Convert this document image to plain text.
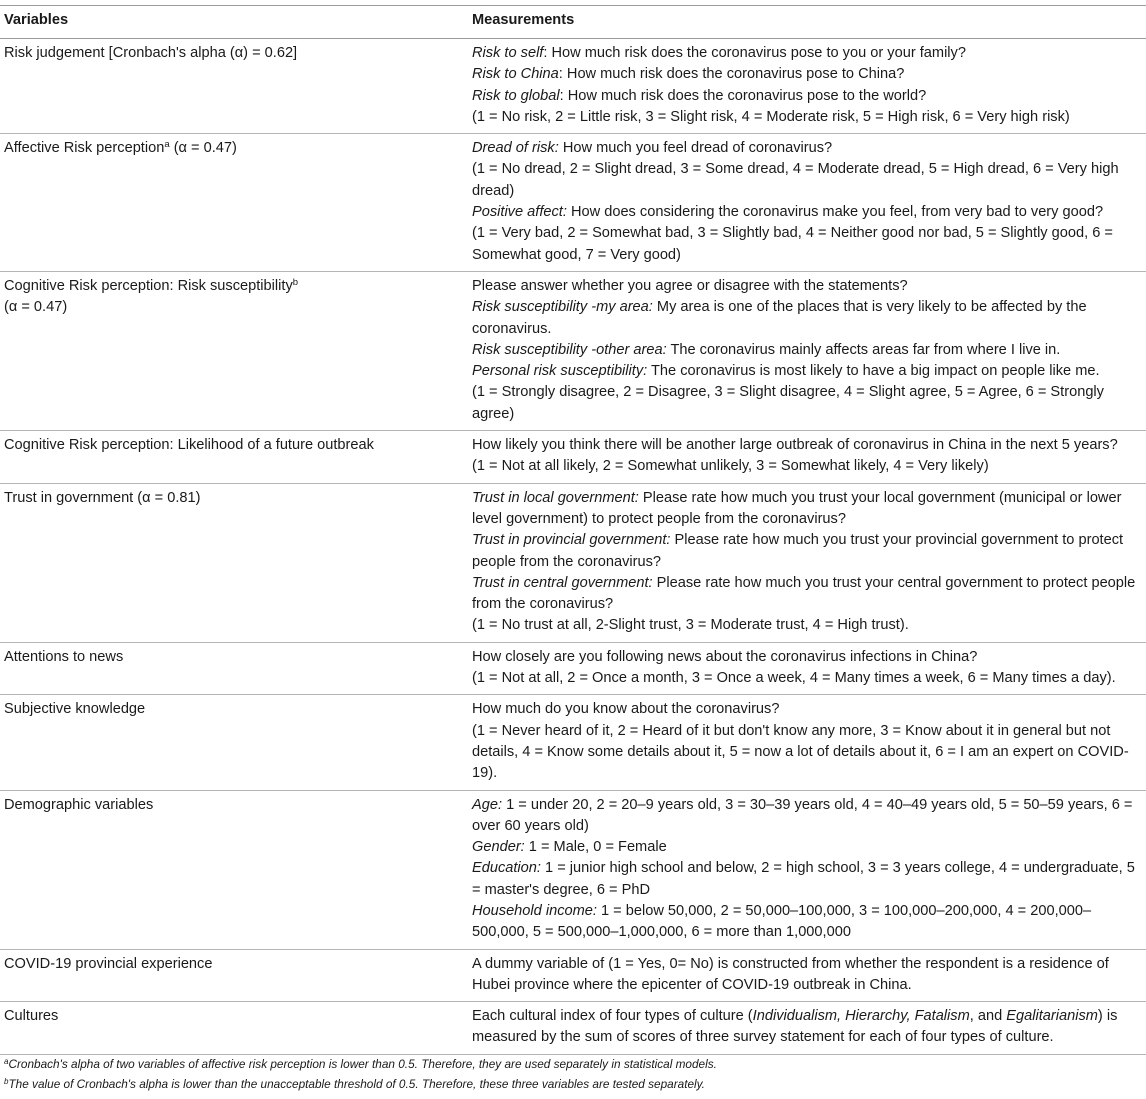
Variables	Measurements
Risk judgement [Cronbach's alpha (α) = 0.62]	Risk to self: How much risk does the coronavirus pose to you or your family?
Risk to China: How much risk does the coronavirus pose to China?
Risk to global: How much risk does the coronavirus pose to the world?
(1 = No risk, 2 = Little risk, 3 = Slight risk, 4 = Moderate risk, 5 = High risk, 6 = Very high risk)

Affective Risk perception$^a$ (α = 0.47)	Dread of risk: How much you feel dread of coronavirus?
(1 = No dread, 2 = Slight dread, 3 = Some dread, 4 = Moderate dread, 5 = High dread, 6 = Very high dread)
Positive affect: How does considering the coronavirus make you feel, from very bad to very good?
(1 = Very bad, 2 = Somewhat bad, 3 = Slightly bad, 4 = Neither good nor bad, 5 = Slightly good, 6 = Somewhat good, 7 = Very good)

Cognitive Risk perception: Risk susceptibility$^b$
(α = 0.47)	Please answer whether you agree or disagree with the statements?
Risk susceptibility -my area: My area is one of the places that is very likely to be affected by the coronavirus.
Risk susceptibility -other area: The coronavirus mainly affects areas far from where I live in.
Personal risk susceptibility: The coronavirus is most likely to have a big impact on people like me.
(1 = Strongly disagree, 2 = Disagree, 3 = Slight disagree, 4 = Slight agree, 5 = Agree, 6 = Strongly agree)

Cognitive Risk perception: Likelihood of a future outbreak	How likely you think there will be another large outbreak of coronavirus in China in the next 5 years?
(1 = Not at all likely, 2 = Somewhat unlikely, 3 = Somewhat likely, 4 = Very likely)

Trust in government (α = 0.81)	Trust in local government: Please rate how much you trust your local government (municipal or lower level government) to protect people from the coronavirus?
Trust in provincial government: Please rate how much you trust your provincial government to protect people from the coronavirus?
Trust in central government: Please rate how much you trust your central government to protect people from the coronavirus?
(1 = No trust at all, 2-Slight trust, 3 = Moderate trust, 4 = High trust).

Attentions to news	How closely are you following news about the coronavirus infections in China?
(1 = Not at all, 2 = Once a month, 3 = Once a week, 4 = Many times a week, 6 = Many times a day).

Subjective knowledge	How much do you know about the coronavirus?
(1 = Never heard of it, 2 = Heard of it but don't know any more, 3 = Know about it in general but not details, 4 = Know some details about it, 5 = now a lot of details about it, 6 = I am an expert on COVID-19).

Demographic variables	Age: 1 = under 20, 2 = 20–9 years old, 3 = 30–39 years old, 4 = 40–49 years old, 5 = 50–59 years, 6 = over 60 years old)
Gender: 1 = Male, 0 = Female
Education: 1 = junior high school and below, 2 = high school, 3 = 3 years college, 4 = undergraduate, 5 = master's degree, 6 = PhD
Household income: 1 = below 50,000, 2 = 50,000–100,000, 3 = 100,000–200,000, 4 = 200,000–500,000, 5 = 500,000–1,000,000, 6 = more than 1,000,000

COVID-19 provincial experience	A dummy variable of (1 = Yes, 0= No) is constructed from whether the respondent is a residence of Hubei province where the epicenter of COVID-19 outbreak in China.

Cultures	Each cultural index of four types of culture (Individualism, Hierarchy, Fatalism, and Egalitarianism) is measured by the sum of scores of three survey statement for each of four types of culture.
$^a$Cronbach's alpha of two variables of affective risk perception is lower than 0.5. Therefore, they are used separately in statistical models.
$^b$The value of Cronbach's alpha is lower than the unacceptable threshold of 0.5. Therefore, these three variables are tested separately.
